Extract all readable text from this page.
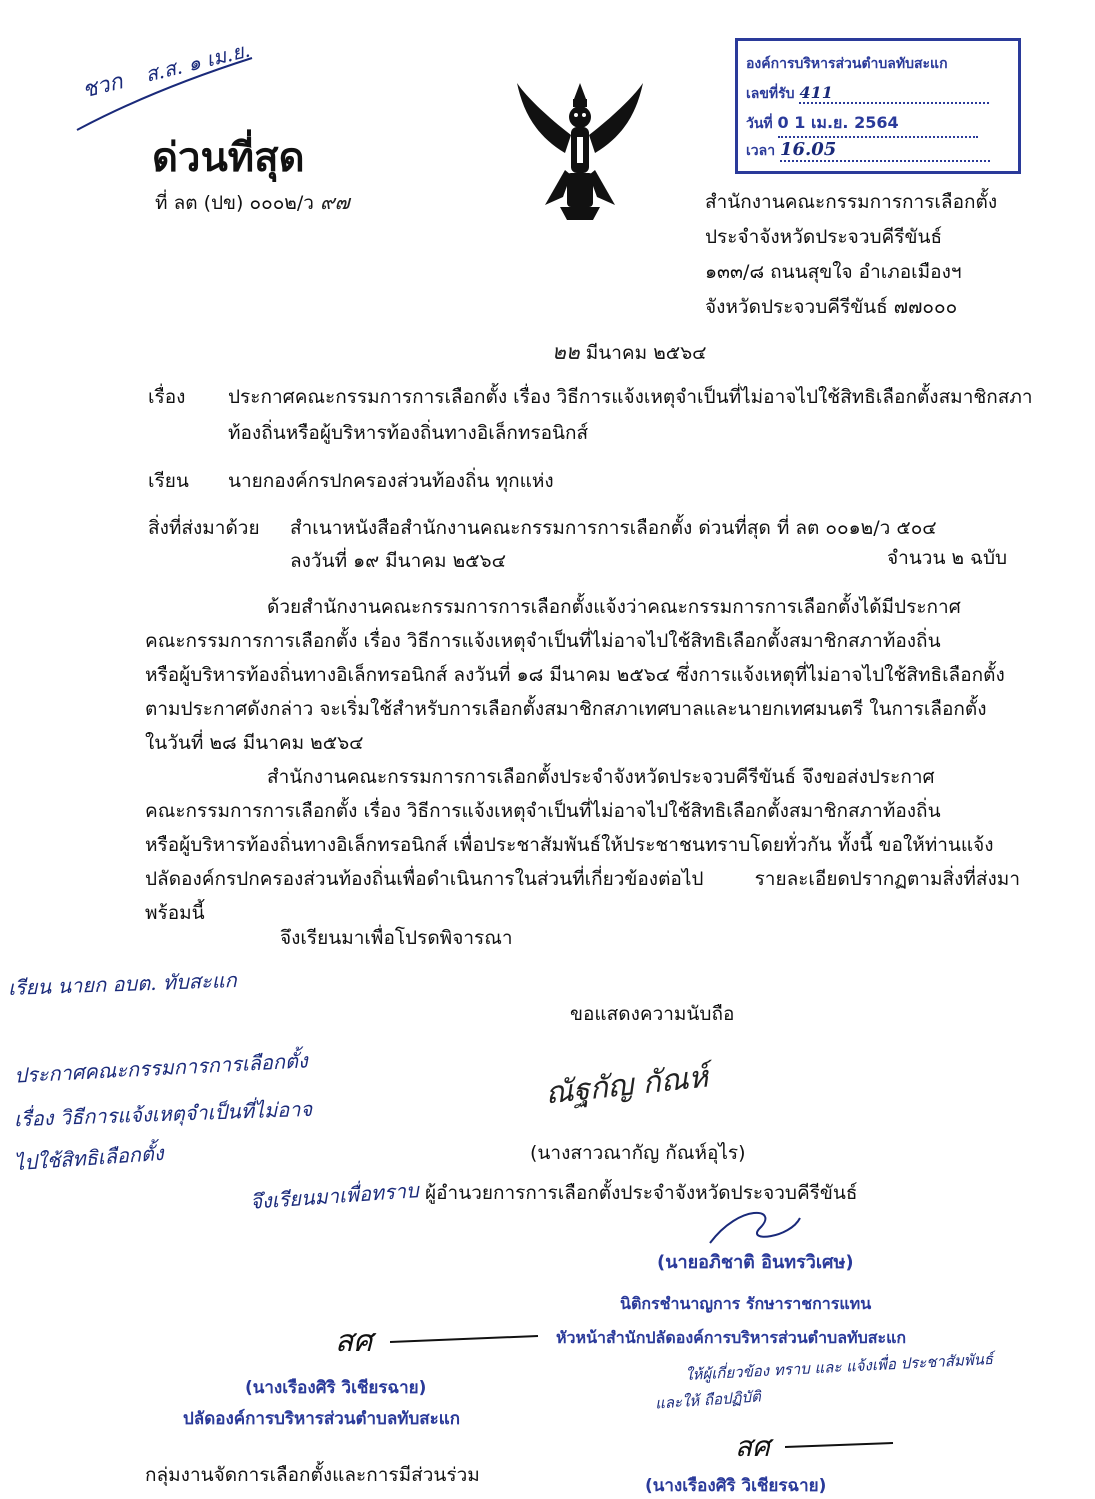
ชวก ส.ส. ๑ เม.ย.
ด่วนที่สุด
ที่ ลต (ปข) ๐๐๐๒/ว ๙๗
องค์การบริหารส่วนตำบลทับสะแก
เลขที่รับ 411
วันที่ 0 1 เม.ย. 2564
เวลา 16.05
สำนักงานคณะกรรมการการเลือกตั้ง
ประจำจังหวัดประจวบคีรีขันธ์
๑๓๓/๘ ถนนสุขใจ อำเภอเมืองฯ
จังหวัดประจวบคีรีขันธ์ ๗๗๐๐๐
๒๒ มีนาคม ๒๕๖๔
เรื่อง ประกาศคณะกรรมการการเลือกตั้ง เรื่อง วิธีการแจ้งเหตุจำเป็นที่ไม่อาจไปใช้สิทธิเลือกตั้งสมาชิกสภา
ท้องถิ่นหรือผู้บริหารท้องถิ่นทางอิเล็กทรอนิกส์
เรียน นายกองค์กรปกครองส่วนท้องถิ่น ทุกแห่ง
สิ่งที่ส่งมาด้วย สำเนาหนังสือสำนักงานคณะกรรมการการเลือกตั้ง ด่วนที่สุด ที่ ลต ๐๐๑๒/ว ๕๐๔
ลงวันที่ ๑๙ มีนาคม ๒๕๖๔	จำนวน ๒ ฉบับ
ด้วยสำนักงานคณะกรรมการการเลือกตั้งแจ้งว่าคณะกรรมการการเลือกตั้งได้มีประกาศ
คณะกรรมการการเลือกตั้ง เรื่อง วิธีการแจ้งเหตุจำเป็นที่ไม่อาจไปใช้สิทธิเลือกตั้งสมาชิกสภาท้องถิ่น
หรือผู้บริหารท้องถิ่นทางอิเล็กทรอนิกส์ ลงวันที่ ๑๘ มีนาคม ๒๕๖๔ ซึ่งการแจ้งเหตุที่ไม่อาจไปใช้สิทธิเลือกตั้ง
ตามประกาศดังกล่าว จะเริ่มใช้สำหรับการเลือกตั้งสมาชิกสภาเทศบาลและนายกเทศมนตรี ในการเลือกตั้ง
ในวันที่ ๒๘ มีนาคม ๒๕๖๔
สำนักงานคณะกรรมการการเลือกตั้งประจำจังหวัดประจวบคีรีขันธ์ จึงขอส่งประกาศ
คณะกรรมการการเลือกตั้ง เรื่อง วิธีการแจ้งเหตุจำเป็นที่ไม่อาจไปใช้สิทธิเลือกตั้งสมาชิกสภาท้องถิ่น
หรือผู้บริหารท้องถิ่นทางอิเล็กทรอนิกส์ เพื่อประชาสัมพันธ์ให้ประชาชนทราบโดยทั่วกัน ทั้งนี้ ขอให้ท่านแจ้ง
ปลัดองค์กรปกครองส่วนท้องถิ่นเพื่อดำเนินการในส่วนที่เกี่ยวข้องต่อไป รายละเอียดปรากฏตามสิ่งที่ส่งมาพร้อมนี้
จึงเรียนมาเพื่อโปรดพิจารณา
เรียน นายก อบต. ทับสะแก
ประกาศคณะกรรมการการเลือกตั้ง
เรื่อง วิธีการแจ้งเหตุจำเป็นที่ไม่อาจ
ไปใช้สิทธิเลือกตั้ง
จึงเรียนมาเพื่อทราบ
ขอแสดงความนับถือ
ณัฐกัญ กัณห์
(นางสาวณากัญ กัณห์อุไร)
ผู้อำนวยการการเลือกตั้งประจำจังหวัดประจวบคีรีขันธ์
(นายอภิชาติ อินทรวิเศษ)
นิติกรชำนาญการ รักษาราชการแทน
หัวหน้าสำนักปลัดองค์การบริหารส่วนตำบลทับสะแก
ให้ผู้เกี่ยวข้อง ทราบ และ แจ้งเพื่อ ประชาสัมพันธ์
และให้ ถือปฏิบัติ
สศ
(นางเรืองศิริ วิเชียรฉาย)
ปลัดองค์การบริหารส่วนตำบลทับสะแก
สศ
(นางเรืองศิริ วิเชียรฉาย)
กลุ่มงานจัดการเลือกตั้งและการมีส่วนร่วม
